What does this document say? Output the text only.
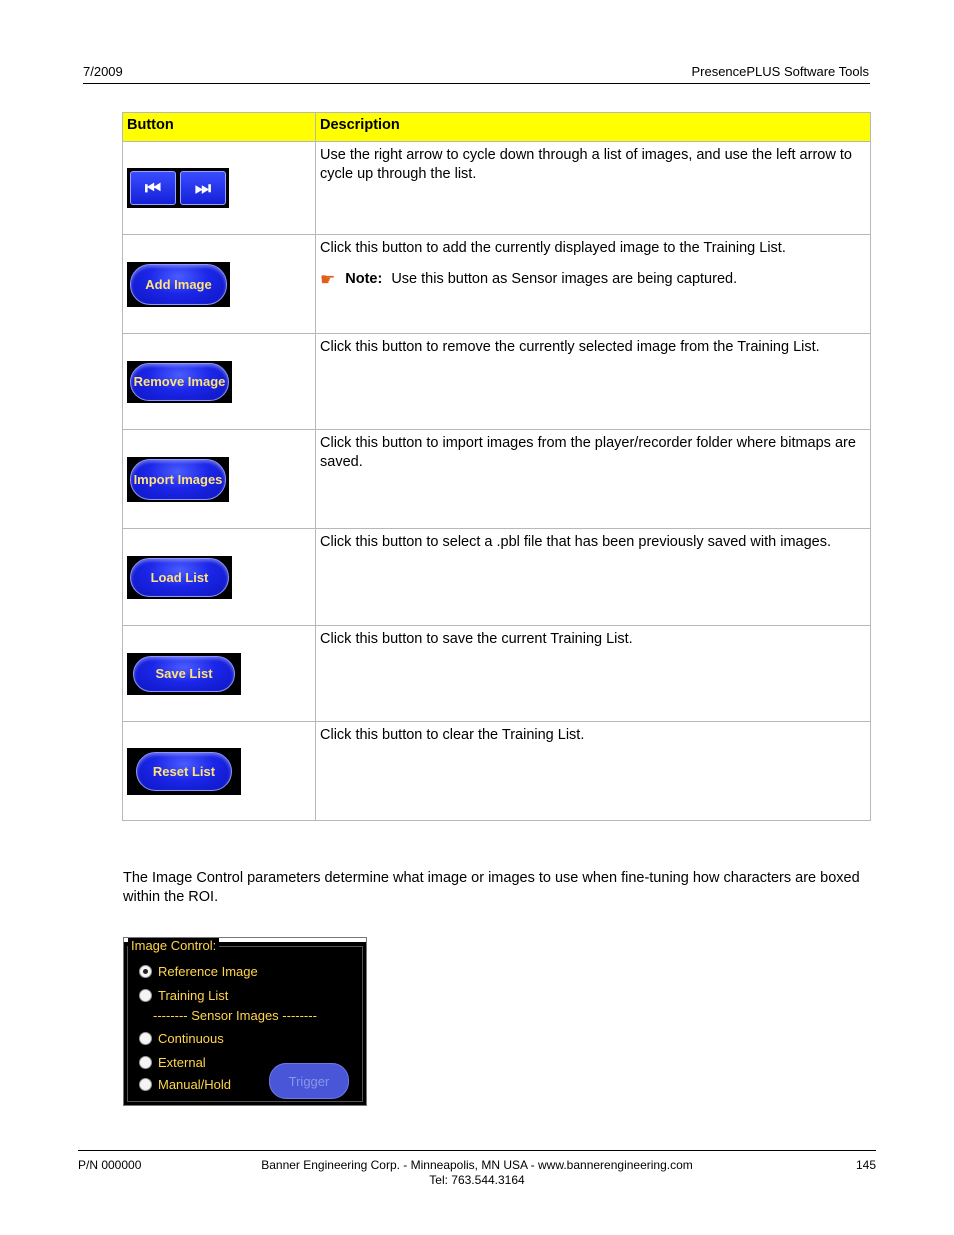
7/2009	PresencePLUS Software Tools
Button	Description

⏮ ⏭	Use the right arrow to cycle down through a list of images, and use the left arrow to cycle up through the list.

Add Image	Click this button to add the currently displayed image to the Training List.
☛ Note: Use this button as Sensor images are being captured.

Remove Image	Click this button to remove the currently selected image from the Training List.

Import Images	Click this button to import images from the player/recorder folder where bitmaps are saved.

Load List	Click this button to select a .pbl file that has been previously saved with images.

Save List	Click this button to save the current Training List.

Reset List	Click this button to clear the Training List.
The Image Control parameters determine what image or images to use when fine-tuning how characters are boxed within the ROI.
Image Control:
Reference Image
Training List
-------- Sensor Images --------
Continuous
External
Manual/Hold	Trigger
P/N 000000	Banner Engineering Corp. - Minneapolis, MN USA - www.bannerengineering.com
Tel: 763.544.3164
145
